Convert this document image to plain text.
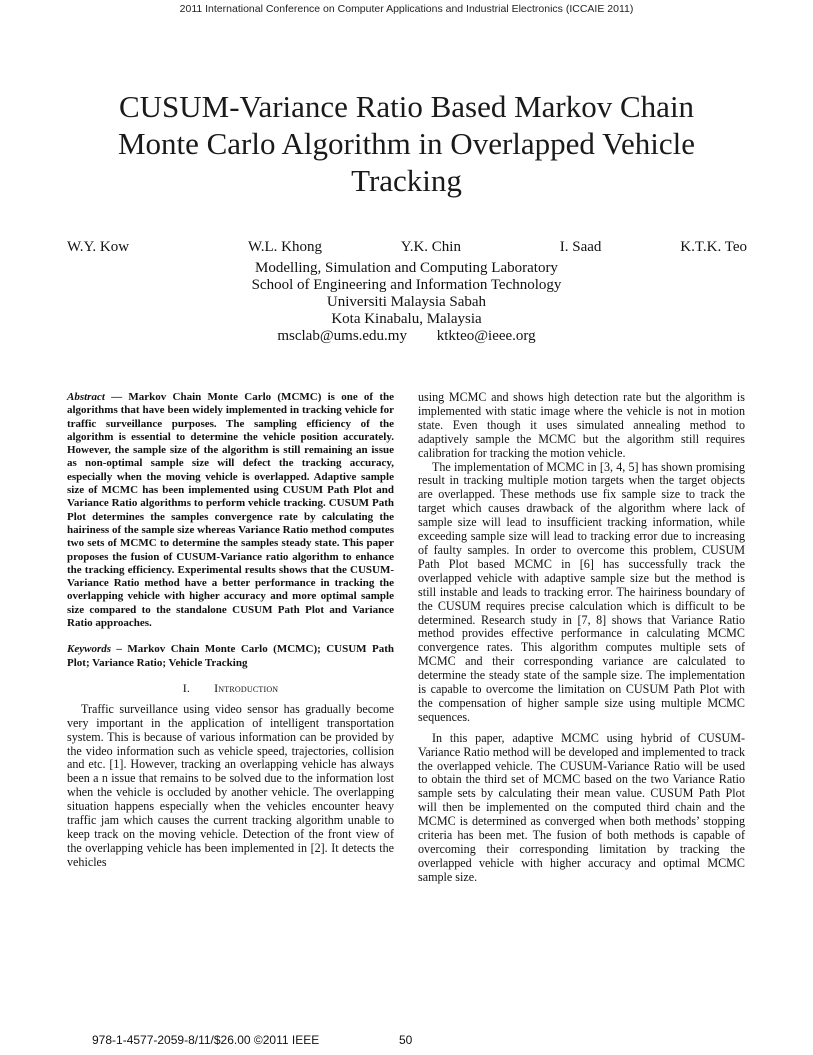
2011 International Conference on Computer Applications and Industrial Electronics (ICCAIE 2011)
CUSUM-Variance Ratio Based Markov Chain
Monte Carlo Algorithm in Overlapped Vehicle
Tracking
W.Y. Kow	W.L. Khong	Y.K. Chin	I. Saad	K.T.K. Teo
Modelling, Simulation and Computing Laboratory
School of Engineering and Information Technology
Universiti Malaysia Sabah
Kota Kinabalu, Malaysia
msclab@ums.edu.my ktkteo@ieee.org

Abstract — Markov Chain Monte Carlo (MCMC) is one of the algorithms that have been widely implemented in tracking vehicle for traffic surveillance purposes. The sampling efficiency of the algorithm is essential to determine the vehicle position accurately. However, the sample size of the algorithm is still remaining an issue as non-optimal sample size will defect the tracking accuracy, especially when the moving vehicle is overlapped. Adaptive sample size of MCMC has been implemented using CUSUM Path Plot and Variance Ratio algorithms to perform vehicle tracking. CUSUM Path Plot determines the samples convergence rate by calculating the hairiness of the sample size whereas Variance Ratio method computes two sets of MCMC to determine the samples steady state. This paper proposes the fusion of CUSUM-Variance ratio algorithm to enhance the tracking efficiency. Experimental results shows that the CUSUM-Variance Ratio method have a better performance in tracking the overlapping vehicle with higher accuracy and more optimal sample size compared to the standalone CUSUM Path Plot and Variance Ratio approaches.

Keywords – Markov Chain Monte Carlo (MCMC); CUSUM Path Plot; Variance Ratio; Vehicle Tracking

I. Introduction

Traffic surveillance using video sensor has gradually become very important in the application of intelligent transportation system. This is because of various information can be provided by the video information such as vehicle speed, trajectories, collision and etc. [1]. However, tracking an overlapping vehicle has always been a n issue that remains to be solved due to the information lost when the vehicle is occluded by another vehicle. The overlapping situation happens especially when the vehicles encounter heavy traffic jam which causes the current tracking algorithm unable to keep track on the moving vehicle. Detection of the front view of the overlapping vehicle has been implemented in [2]. It detects the vehicles

using MCMC and shows high detection rate but the algorithm is implemented with static image where the vehicle is not in motion state. Even though it uses simulated annealing method to adaptively sample the MCMC but the algorithm still requires calibration for tracking the motion vehicle.

The implementation of MCMC in [3, 4, 5] has shown promising result in tracking multiple motion targets when the target objects are overlapped. These methods use fix sample size to track the target which causes drawback of the algorithm where lack of sample size will lead to insufficient tracking information, while exceeding sample size will lead to tracking error due to increasing of faulty samples. In order to overcome this problem, CUSUM Path Plot based MCMC in [6] has successfully track the overlapped vehicle with adaptive sample size but the method is still instable and leads to tracking error. The hairiness boundary of the CUSUM requires precise calculation which is difficult to be determined. Research study in [7, 8] shows that Variance Ratio method provides effective performance in calculating MCMC convergence rates. This algorithm computes multiple sets of MCMC and their corresponding variance are calculated to determine the steady state of the sample size. The implementation is capable to overcome the limitation on CUSUM Path Plot with the compensation of higher sample size using multiple MCMC sequences.

In this paper, adaptive MCMC using hybrid of CUSUM-Variance Ratio method will be developed and implemented to track the overlapped vehicle. The CUSUM-Variance Ratio will be used to obtain the third set of MCMC based on the two Variance Ratio sample sets by calculating their mean value. CUSUM Path Plot will then be implemented on the computed third chain and the MCMC is determined as converged when both methods’ stopping criteria has been met. The fusion of both methods is capable of overcoming their corresponding limitation by tracking the overlapped vehicle with higher accuracy and optimal MCMC sample size.

978-1-4577-2059-8/11/$26.00 ©2011 IEEE	50
